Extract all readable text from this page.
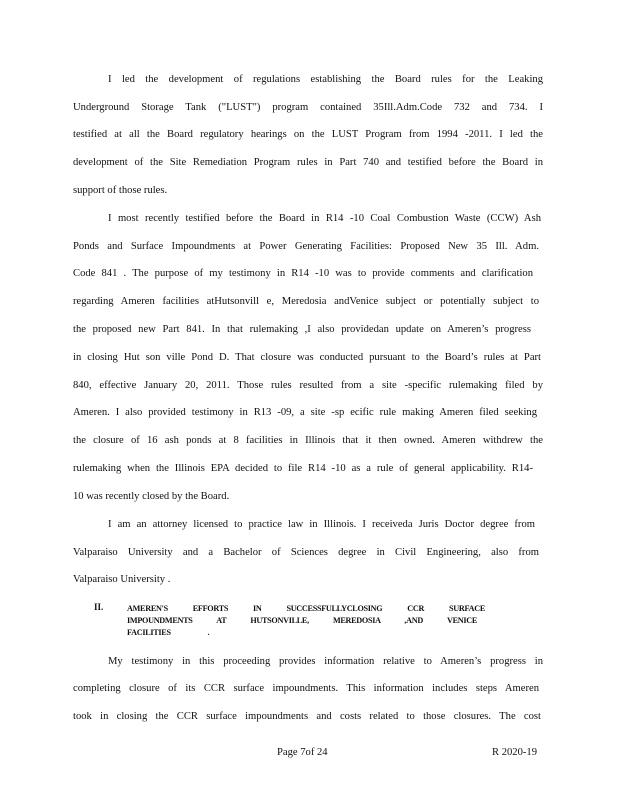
I led the development of regulations establishing the Board rules for the Leaking
Underground Storage Tank ("LUST") program contained 35Ill.Adm.Code 732 and 734. I
testified at all the Board regulatory hearings on the LUST Program from 1994 -2011. I led the
development of the Site Remediation Program rules in Part 740 and testified before the Board in
support of those rules.
I most recently testified before the Board in R14 -10 Coal Combustion Waste (CCW) Ash
Ponds and Surface Impoundments at Power Generating Facilities: Proposed New 35 Ill. Adm.
Code 841 . The purpose of my testimony in R14 -10 was to provide comments and clarification
regarding Ameren facilities atHutsonvill e, Meredosia andVenice subject or potentially subject to
the proposed new Part 841. In that rulemaking ,I also providedan update on Ameren’s progress
in closing Hut son ville Pond D. That closure was conducted pursuant to the Board’s rules at Part
840, effective January 20, 2011. Those rules resulted from a site -specific rulemaking filed by
Ameren. I also provided testimony in R13 -09, a site -sp ecific rule making Ameren filed seeking
the closure of 16 ash ponds at 8 facilities in Illinois that it then owned. Ameren withdrew the
rulemaking when the Illinois EPA decided to file R14 -10 as a rule of general applicability. R14-
10 was recently closed by the Board.
I am an attorney licensed to practice law in Illinois. I receiveda Juris Doctor degree from
Valparaiso University and a Bachelor of Sciences degree in Civil Engineering, also from
Valparaiso University .
II.	AMEREN'S EFFORTS IN SUCCESSFULLYCLOSING CCR SURFACE
IMPOUNDMENTS AT HUTSONVILLE, MEREDOSIA ,AND VENICE
FACILITIES .
My testimony in this proceeding provides information relative to Ameren’s progress in
completing closure of its CCR surface impoundments. This information includes steps Ameren
took in closing the CCR surface impoundments and costs related to those closures. The cost
Page 7of 24	R 2020-19
